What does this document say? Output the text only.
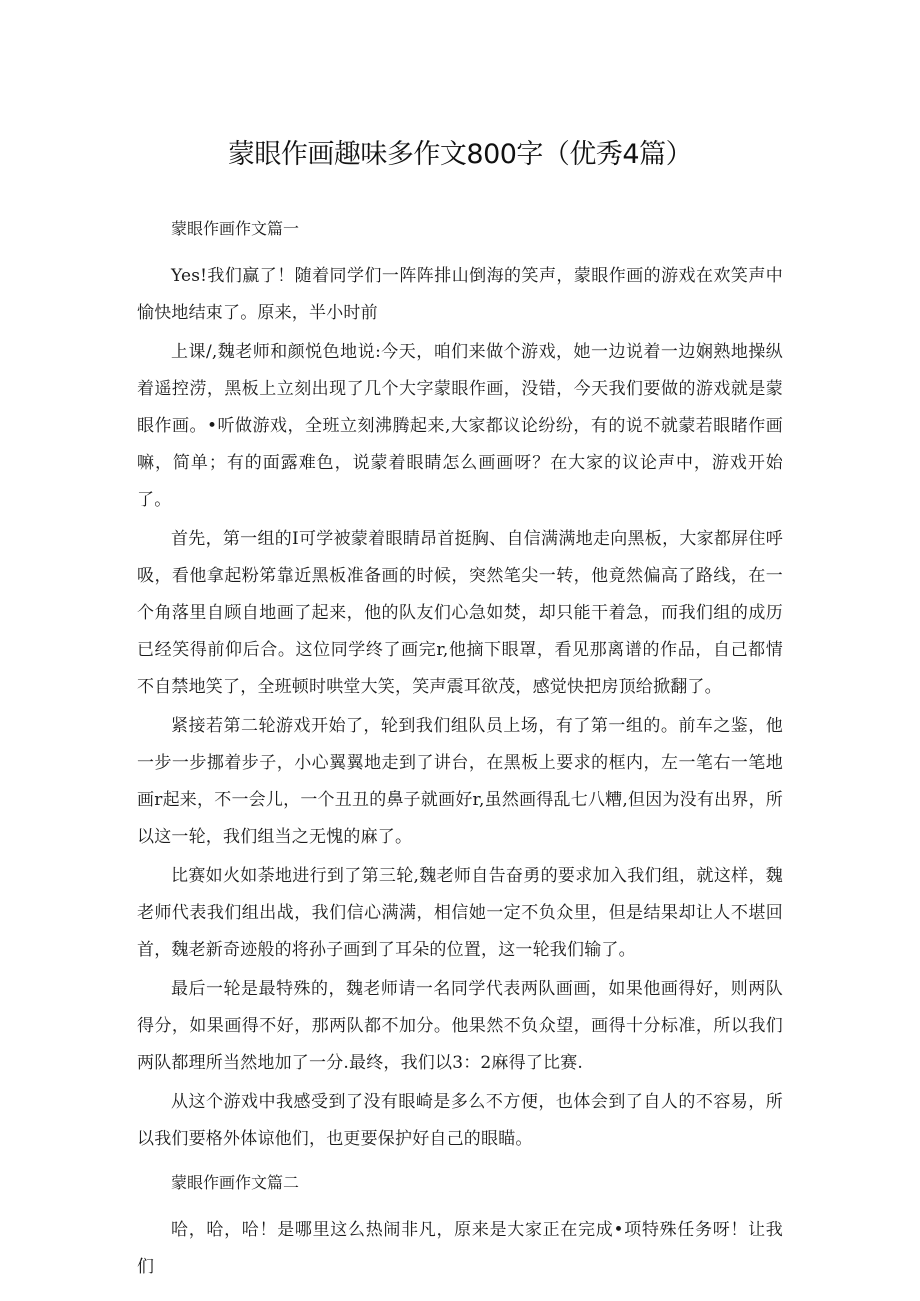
蒙眼作画趣味多作文800字（优秀4篇）
蒙眼作画作文篇一

Yes!我们赢了！随着同学们一阵阵排山倒海的笑声，蒙眼作画的游戏在欢笑声中愉快地结束了。原来，半小时前

上课/,魏老师和颜悦色地说:今天，咱们来做个游戏，她一边说着一边娴熟地操纵着遥控涝，黑板上立刻出现了几个大字蒙眼作画，没错，今天我们要做的游戏就是蒙眼作画。•听做游戏，全班立刻沸腾起来,大家都议论纷纷，有的说不就蒙若眼睹作画嘛，简单；有的面露难色，说蒙着眼睛怎么画画呀？在大家的议论声中，游戏开始了。

首先，第一组的I可学被蒙着眼睛昂首挺胸、自信满满地走向黑板，大家都屏住呼吸，看他拿起粉笫靠近黑板准备画的时候，突然笔尖一转，他竟然偏高了路线，在一个角落里自顾自地画了起来，他的队友们心急如焚，却只能干着急，而我们组的成历已经笑得前仰后合。这位同学终了画完r,他摘下眼罩，看见那离谱的作品，自己都情不自禁地笑了，全班顿时哄堂大笑，笑声震耳欲茂，感觉快把房顶给掀翻了。

紧接若第二轮游戏开始了，轮到我们组队员上场，有了第一组的。前车之鉴，他一步一步挪着步子，小心翼翼地走到了讲台，在黑板上要求的框内，左一笔右一笔地画r起来，不一会儿，一个丑丑的鼻子就画好r,虽然画得乱七八糟,但因为没有出界，所以这一轮，我们组当之无愧的麻了。

比赛如火如荼地进行到了第三轮,魏老师自告奋勇的要求加入我们组，就这样，魏老师代表我们组出战，我们信心满满，相信她一定不负众里，但是结果却让人不堪回首，魏老新奇迹般的将孙子画到了耳朵的位置，这一轮我们输了。

最后一轮是最特殊的，魏老师请一名同学代表两队画画，如果他画得好，则两队得分，如果画得不好，那两队都不加分。他果然不负众望，画得十分标准，所以我们两队都理所当然地加了一分.最终，我们以3：2麻得了比赛.

从这个游戏中我感受到了没有眼崎是多么不方便，也体会到了自人的不容易，所以我们要格外体谅他们，也更要保护好自己的眼瞄。

蒙眼作画作文篇二

哈，哈，哈！是哪里这么热闹非凡，原来是大家正在完成•项特殊任务呀！让我们
